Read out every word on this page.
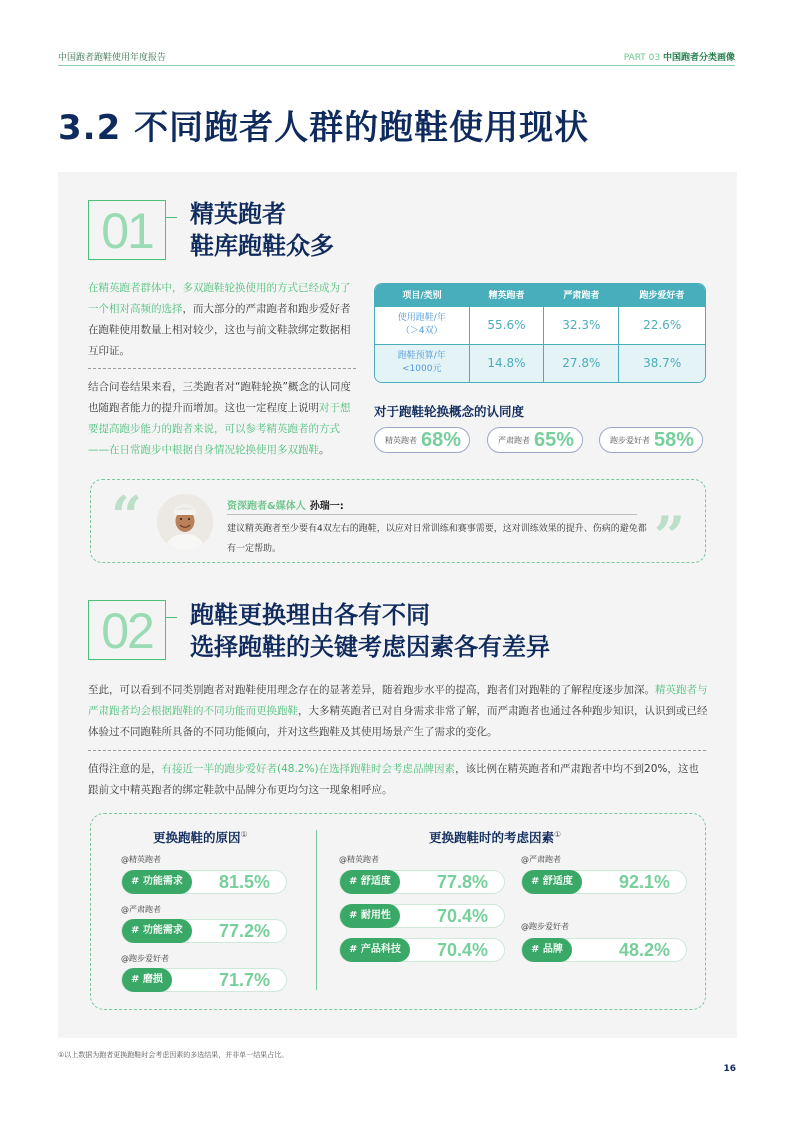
中国跑者跑鞋使用年度报告	PART 03 中国跑者分类画像
3.2 不同跑者人群的跑鞋使用现状
01	精英跑者
鞋库跑鞋众多
在精英跑者群体中，多双跑鞋轮换使用的方式已经成为了一个相对高频的选择，而大部分的严肃跑者和跑步爱好者在跑鞋使用数量上相对较少，这也与前文鞋款绑定数据相互印证。
结合问卷结果来看，三类跑者对“跑鞋轮换”概念的认同度也随跑者能力的提升而增加。这也一定程度上说明对于想要提高跑步能力的跑者来说，可以参考精英跑者的方式——在日常跑步中根据自身情况轮换使用多双跑鞋。
项目/类别	精英跑者	严肃跑者	跑步爱好者
使用跑鞋/年
（＞4双）	55.6%	32.3%	22.6%
跑鞋预算/年
<1000元	14.8%	27.8%	38.7%
对于跑鞋轮换概念的认同度
精英跑者 68%	严肃跑者 65%	跑步爱好者 58%
“	资深跑者&媒体人 孙瑞一:
建议精英跑者至少要有4双左右的跑鞋，以应对日常训练和赛事需要，这对训练效果的提升、伤病的避免都有一定帮助。	”
02	跑鞋更换理由各有不同
选择跑鞋的关键考虑因素各有差异
至此，可以看到不同类别跑者对跑鞋使用理念存在的显著差异，随着跑步水平的提高，跑者们对跑鞋的了解程度逐步加深。精英跑者与严肃跑者均会根据跑鞋的不同功能而更换跑鞋，大多精英跑者已对自身需求非常了解，而严肃跑者也通过各种跑步知识，认识到或已经体验过不同跑鞋所具备的不同功能倾向，并对这些跑鞋及其使用场景产生了需求的变化。
值得注意的是，有接近一半的跑步爱好者(48.2%)在选择跑鞋时会考虑品牌因素，该比例在精英跑者和严肃跑者中均不到20%，这也跟前文中精英跑者的绑定鞋款中品牌分布更均匀这一现象相呼应。
更换跑鞋的原因①	更换跑鞋时的考虑因素①
@精英跑者
# 功能需求	81.5%
@严肃跑者
# 功能需求	77.2%
@跑步爱好者
# 磨损	71.7%
@精英跑者
# 舒适度	77.8%
# 耐用性	70.4%
# 产品科技	70.4%
@严肃跑者
# 舒适度	92.1%
@跑步爱好者
# 品牌	48.2%
①以上数据为跑者更换跑鞋时会考虑因素的多选结果，并非单一结果占比。
16
